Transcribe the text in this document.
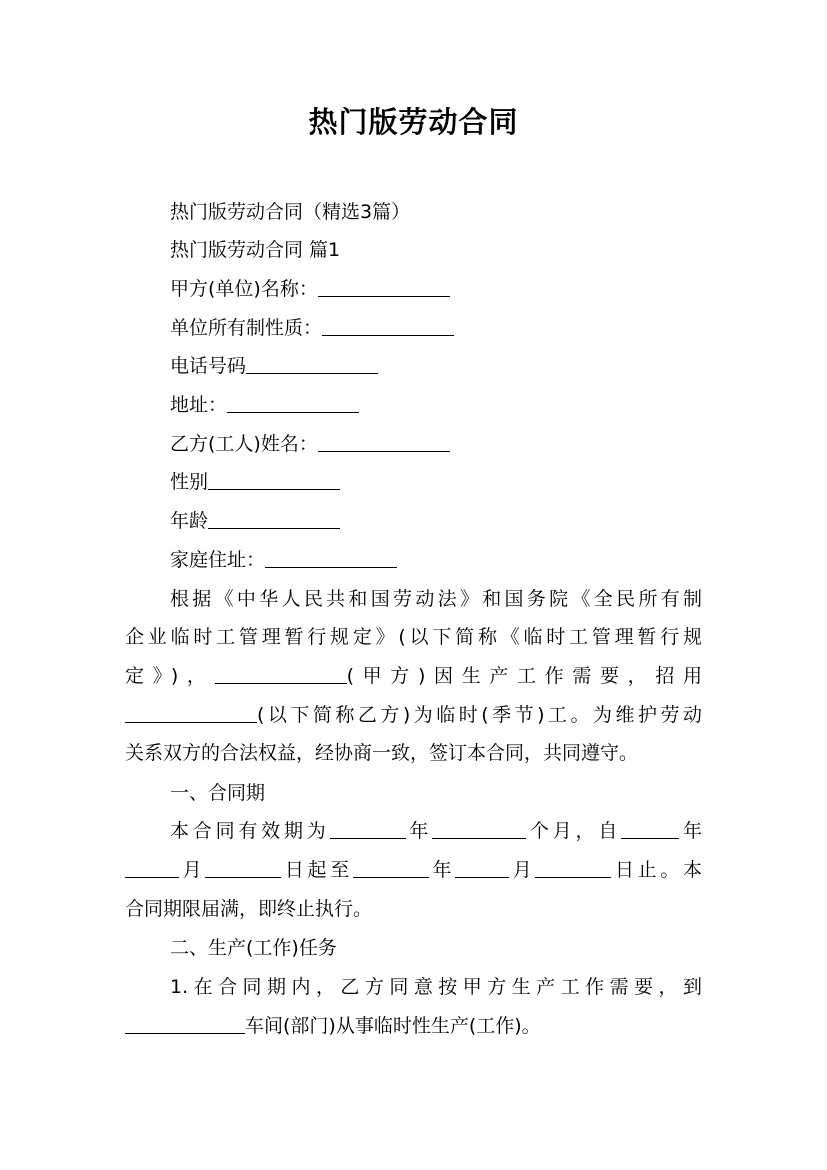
热门版劳动合同
热门版劳动合同（精选3篇）
热门版劳动合同 篇1
甲方(单位)名称：
单位所有制性质：
电话号码
地址：
乙方(工人)姓名：
性别
年龄
家庭住址：
根据《中华人民共和国劳动法》和国务院《全民所有制
企业临时工管理暂行规定》(以下简称《临时工管理暂行规
定》)，	(甲方)因生产工作需要，招用
(以下简称乙方)为临时(季节)工。为维护劳动
关系双方的合法权益，经协商一致，签订本合同，共同遵守。
一、合同期
本合同有效期为	年	个月，自	年
月	日起至	年	月	日止。本
合同期限届满，即终止执行。
二、生产(工作)任务
1.在合同期内，乙方同意按甲方生产工作需要，到
车间(部门)从事临时性生产(工作)。
